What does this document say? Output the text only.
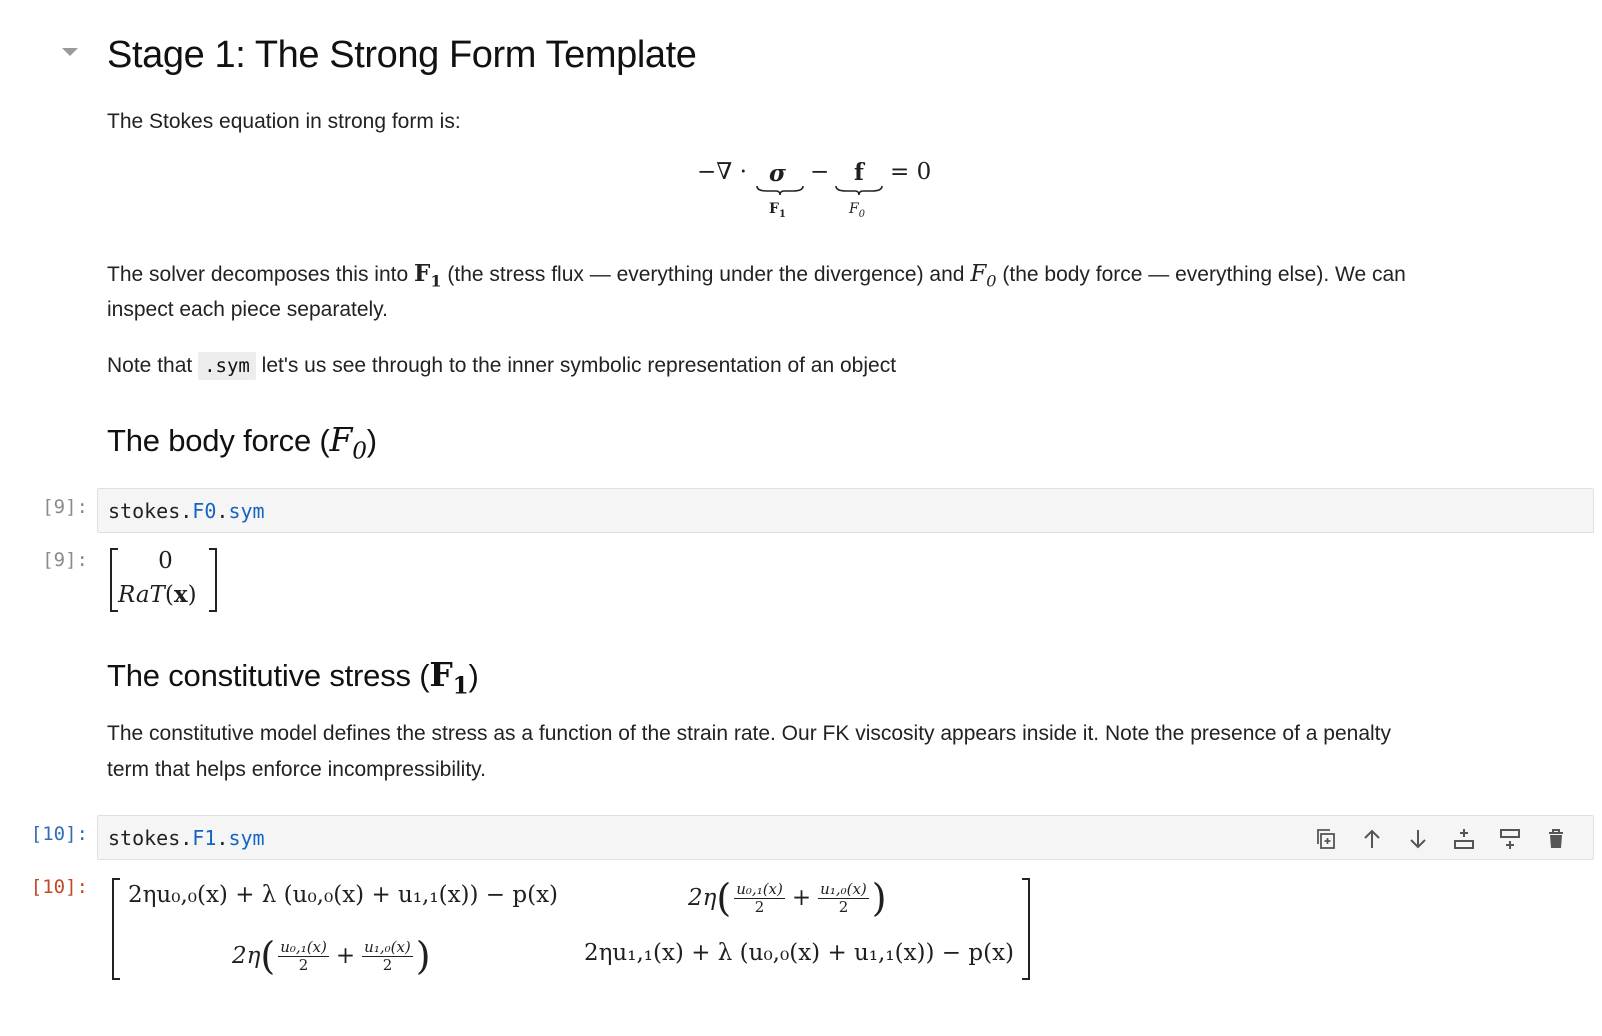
Stage 1: The Strong Form Template
The Stokes equation in strong form is:
−∇ · σ
$F_1$
− f
$F_0$
= 0
The solver decomposes this into $F_1$ (the stress flux — everything under the divergence) and $F_0$ (the body force — everything else). We can
inspect each piece separately.
Note that .sym let's us see through to the inner symbolic representation of an object
The body force $(F_0)$
[9]: stokes.F0.sym
[9]:	0
RaT(x)
The constitutive stress $(F_1)$
The constitutive model defines the stress as a function of the strain rate. Our FK viscosity appears inside it. Note the presence of a penalty
term that helps enforce incompressibility.
[10]: stokes.F1.sym
[10]: 2ηu₀,₀(x) + λ (u₀,₀(x) + u₁,₁(x)) − p(x)	2η ( $\frac{\text{u₀,₁(x)}}{2} + \frac{\text{u₁,₀(x)}}{2}$ )
2η ( $\frac{\text{u₀,₁(x)}}{2} + \frac{\text{u₁,₀(x)}}{2}$ )	2ηu₁,₁(x) + λ (u₀,₀(x) + u₁,₁(x)) − p(x)
